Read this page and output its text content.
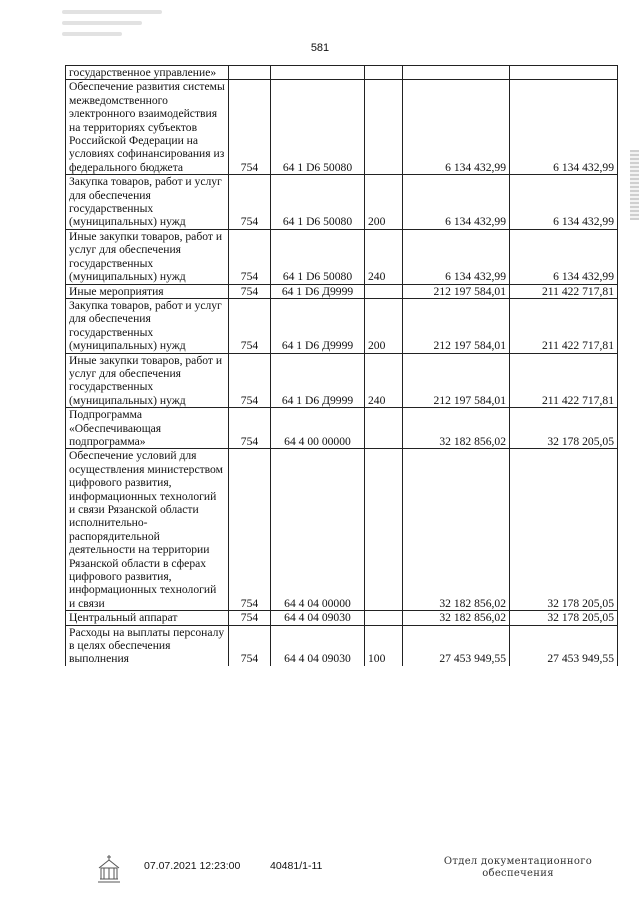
581
государственное управление»					
Обеспечение развития системы межведомственного электронного взаимодействия на территориях субъектов Российской Федерации на условиях софинансирования из федерального бюджета	754	64 1 D6 50080		6 134 432,99	6 134 432,99
Закупка товаров, работ и услуг для обеспечения государственных (муниципальных) нужд	754	64 1 D6 50080	200	6 134 432,99	6 134 432,99
Иные закупки товаров, работ и услуг для обеспечения государственных (муниципальных) нужд	754	64 1 D6 50080	240	6 134 432,99	6 134 432,99
Иные мероприятия	754	64 1 D6 Д9999		212 197 584,01	211 422 717,81
Закупка товаров, работ и услуг для обеспечения государственных (муниципальных) нужд	754	64 1 D6 Д9999	200	212 197 584,01	211 422 717,81
Иные закупки товаров, работ и услуг для обеспечения государственных (муниципальных) нужд	754	64 1 D6 Д9999	240	212 197 584,01	211 422 717,81
Подпрограмма «Обеспечивающая подпрограмма»	754	64 4 00 00000		32 182 856,02	32 178 205,05
Обеспечение условий для осуществления министерством цифрового развития, информационных технологий и связи Рязанской области исполнительно-распорядительной деятельности на территории Рязанской области в сферах цифрового развития, информационных технологий и связи	754	64 4 04 00000		32 182 856,02	32 178 205,05
Центральный аппарат	754	64 4 04 09030		32 182 856,02	32 178 205,05
Расходы на выплаты персоналу в целях обеспечения выполнения	754	64 4 04 09030	100	27 453 949,55	27 453 949,55
07.07.2021 12:23:00	40481/1-11	Отдел документационного обеспечения
